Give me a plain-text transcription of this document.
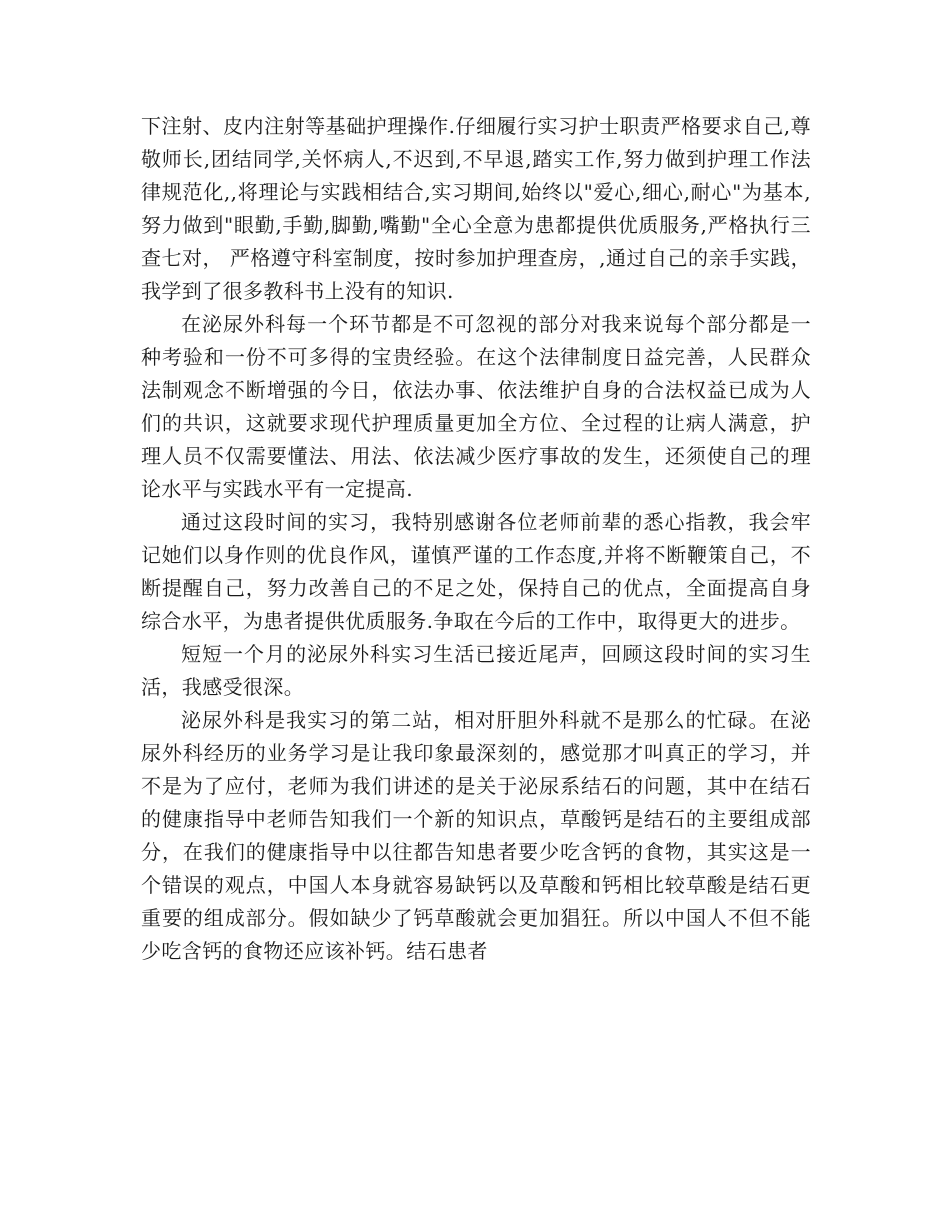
下注射、皮内注射等基础护理操作.仔细履行实习护士职责严格要求自己,尊敬师长,团结同学,关怀病人,不迟到,不早退,踏实工作,努力做到护理工作法律规范化,,将理论与实践相结合,实习期间,始终以"爱心,细心,耐心"为基本,努力做到"眼勤,手勤,脚勤,嘴勤"全心全意为患都提供优质服务,严格执行三查七对， 严格遵守科室制度，按时参加护理查房，,通过自己的亲手实践，我学到了很多教科书上没有的知识.

在泌尿外科每一个环节都是不可忽视的部分对我来说每个部分都是一种考验和一份不可多得的宝贵经验。在这个法律制度日益完善，人民群众法制观念不断增强的今日，依法办事、依法维护自身的合法权益已成为人们的共识，这就要求现代护理质量更加全方位、全过程的让病人满意，护理人员不仅需要懂法、用法、依法减少医疗事故的发生，还须使自己的理论水平与实践水平有一定提高.

通过这段时间的实习，我特别感谢各位老师前辈的悉心指教，我会牢记她们以身作则的优良作风，谨慎严谨的工作态度,并将不断鞭策自己，不断提醒自己，努力改善自己的不足之处，保持自己的优点，全面提高自身综合水平，为患者提供优质服务.争取在今后的工作中，取得更大的进步。

短短一个月的泌尿外科实习生活已接近尾声，回顾这段时间的实习生活，我感受很深。

泌尿外科是我实习的第二站，相对肝胆外科就不是那么的忙碌。在泌尿外科经历的业务学习是让我印象最深刻的，感觉那才叫真正的学习，并不是为了应付，老师为我们讲述的是关于泌尿系结石的问题，其中在结石的健康指导中老师告知我们一个新的知识点，草酸钙是结石的主要组成部分，在我们的健康指导中以往都告知患者要少吃含钙的食物，其实这是一个错误的观点，中国人本身就容易缺钙以及草酸和钙相比较草酸是结石更重要的组成部分。假如缺少了钙草酸就会更加猖狂。所以中国人不但不能少吃含钙的食物还应该补钙。结石患者
